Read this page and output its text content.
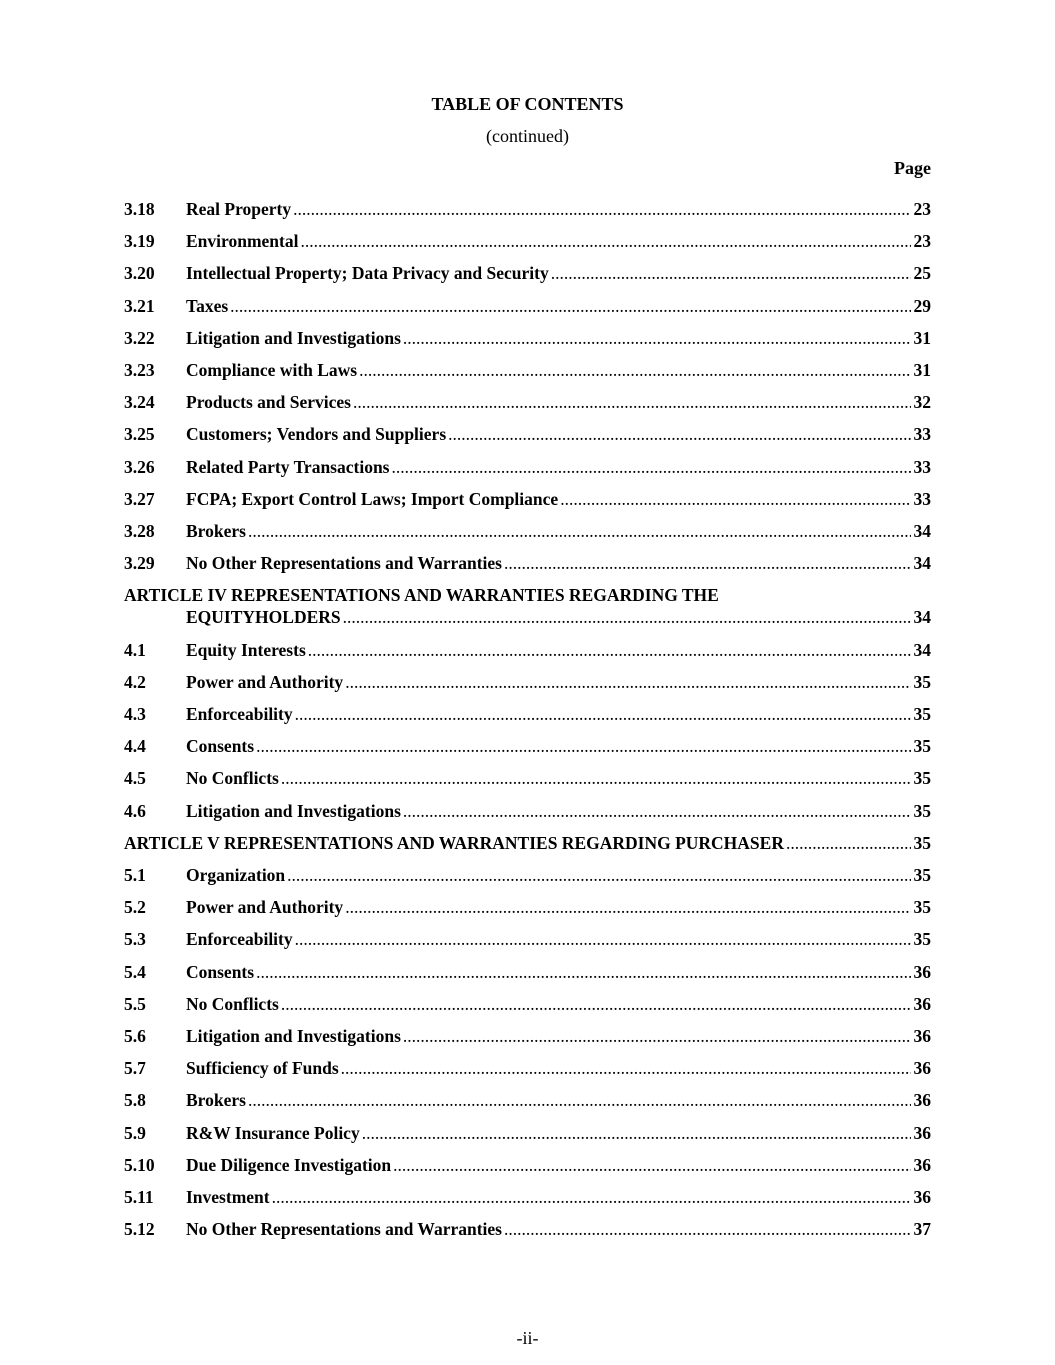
TABLE OF CONTENTS
(continued)
Page
3.18 Real Property .....	23
3.19 Environmental .....	23
3.20 Intellectual Property; Data Privacy and Security .....	25
3.21 Taxes .....	29
3.22 Litigation and Investigations .....	31
3.23 Compliance with Laws .....	31
3.24 Products and Services .....	32
3.25 Customers; Vendors and Suppliers .....	33
3.26 Related Party Transactions .....	33
3.27 FCPA; Export Control Laws; Import Compliance .....	33
3.28 Brokers .....	34
3.29 No Other Representations and Warranties .....	34
ARTICLE IV REPRESENTATIONS AND WARRANTIES REGARDING THE
EQUITYHOLDERS .....	34
4.1 Equity Interests .....	34
4.2 Power and Authority .....	35
4.3 Enforceability .....	35
4.4 Consents .....	35
4.5 No Conflicts .....	35
4.6 Litigation and Investigations .....	35
ARTICLE V REPRESENTATIONS AND WARRANTIES REGARDING PURCHASER .....	35
5.1 Organization .....	35
5.2 Power and Authority .....	35
5.3 Enforceability .....	35
5.4 Consents .....	36
5.5 No Conflicts .....	36
5.6 Litigation and Investigations .....	36
5.7 Sufficiency of Funds .....	36
5.8 Brokers .....	36
5.9 R&W Insurance Policy .....	36
5.10 Due Diligence Investigation .....	36
5.11 Investment .....	36
5.12 No Other Representations and Warranties .....	37
-ii-
